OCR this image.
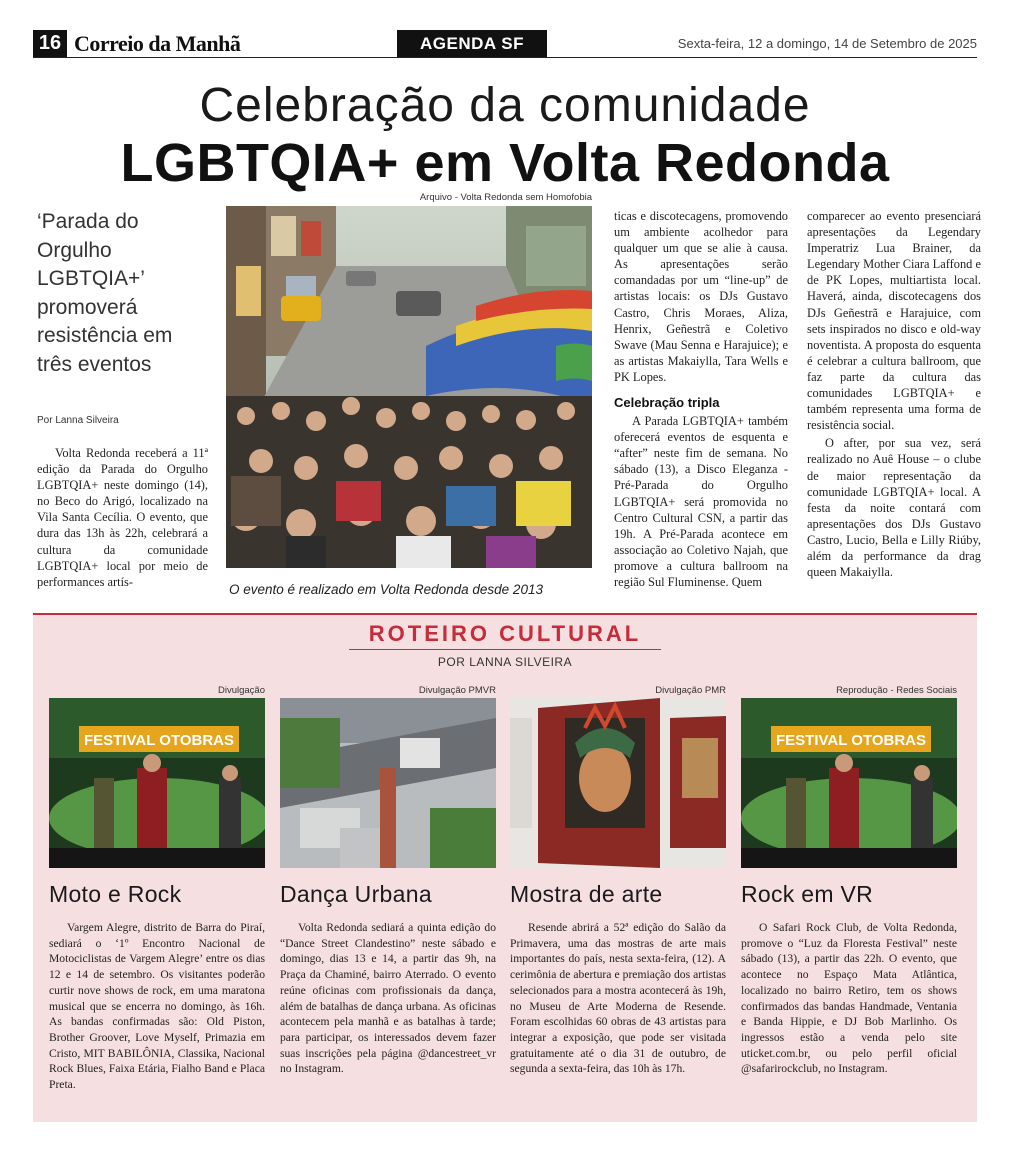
16 Correio da Manhã	AGENDA SF	Sexta-feira, 12 a domingo, 14 de Setembro de 2025
Celebração da comunidade
LGBTQIA+ em Volta Redonda
‘Parada do Orgulho LGBTQIA+’ promoverá resistência em três eventos
Por Lanna Silveira

Volta Redonda receberá a 11ª edição da Parada do Orgulho LGBTQIA+ neste domingo (14), no Beco do Arigó, localizado na Vila Santa Cecília. O evento, que dura das 13h às 22h, celebrará a cultura da comunidade LGBTQIA+ local por meio de performances artís-

Arquivo - Volta Redonda sem Homofobia
O evento é realizado em Volta Redonda desde 2013

ticas e discotecagens, promovendo um ambiente acolhedor para qualquer um que se alie à causa. As apresentações serão comandadas por um “line-up” de artistas locais: os DJs Gustavo Castro, Chris Moraes, Aliza, Henrix, Geñestrã e Coletivo Swave (Mau Senna e Harajuice); e as artistas Makaiylla, Tara Wells e PK Lopes.

Celebração tripla

A Parada LGBTQIA+ também oferecerá eventos de esquenta e “after” neste fim de semana. No sábado (13), a Disco Eleganza - Pré-Parada do Orgulho LGBTQIA+ será promovida no Centro Cultural CSN, a partir das 19h. A Pré-Parada acontece em associação ao Coletivo Najah, que promove a cultura ballroom na região Sul Fluminense. Quem

comparecer ao evento presenciará apresentações da Legendary Imperatriz Lua Brainer, da Legendary Mother Ciara Laffond e de PK Lopes, multiartista local. Haverá, ainda, discotecagens dos DJs Geñestrã e Harajuice, com sets inspirados no disco e old-way noventista. A proposta do esquenta é celebrar a cultura ballroom, que faz parte da cultura das comunidades LGBTQIA+ e também representa uma forma de resistência social.

O after, por sua vez, será realizado no Auê House – o clube de maior representação da comunidade LGBTQIA+ local. A festa da noite contará com apresentações dos DJs Gustavo Castro, Lucio, Bella e Lilly Riúby, além da performance da drag queen Makaiylla.

ROTEIRO CULTURAL
POR LANNA SILVEIRA
Divulgação
FESTIVAL OTOBRAS
Moto e Rock

Vargem Alegre, distrito de Barra do Piraí, sediará o ‘1º Encontro Nacional de Motociclistas de Vargem Alegre’ entre os dias 12 e 14 de setembro. Os visitantes poderão curtir nove shows de rock, em uma maratona musical que se encerra no domingo, às 16h. As bandas confirmadas são: Old Piston, Brother Groover, Love Myself, Primazia em Cristo, MIT BABILÔNIA, Classika, Nacional Rock Blues, Faixa Etária, Fialho Band e Placa Preta.

Divulgação PMVR
Dança Urbana

Volta Redonda sediará a quinta edição do “Dance Street Clandestino” neste sábado e domingo, dias 13 e 14, a partir das 9h, na Praça da Chaminé, bairro Aterrado. O evento reúne oficinas com profissionais da dança, além de batalhas de dança urbana. As oficinas acontecem pela manhã e as batalhas à tarde; para participar, os interessados devem fazer suas inscrições pela página @dancestreet_vr no Instagram.

Divulgação PMR
Mostra de arte

Resende abrirá a 52ª edição do Salão da Primavera, uma das mostras de arte mais importantes do país, nesta sexta-feira, (12). A cerimônia de abertura e premiação dos artistas selecionados para a mostra acontecerá às 19h, no Museu de Arte Moderna de Resende. Foram escolhidas 60 obras de 43 artistas para integrar a exposição, que pode ser visitada gratuitamente até o dia 31 de outubro, de segunda a sexta-feira, das 10h às 17h.

Reprodução - Redes Sociais
FESTIVAL OTOBRAS
Rock em VR

O Safari Rock Club, de Volta Redonda, promove o “Luz da Floresta Festival” neste sábado (13), a partir das 22h. O evento, que acontece no Espaço Mata Atlântica, localizado no bairro Retiro, tem os shows confirmados das bandas Handmade, Ventania e Banda Hippie, e DJ Bob Marlinho. Os ingressos estão a venda pelo site uticket.com.br, ou pelo perfil oficial @safarirockclub, no Instagram.
